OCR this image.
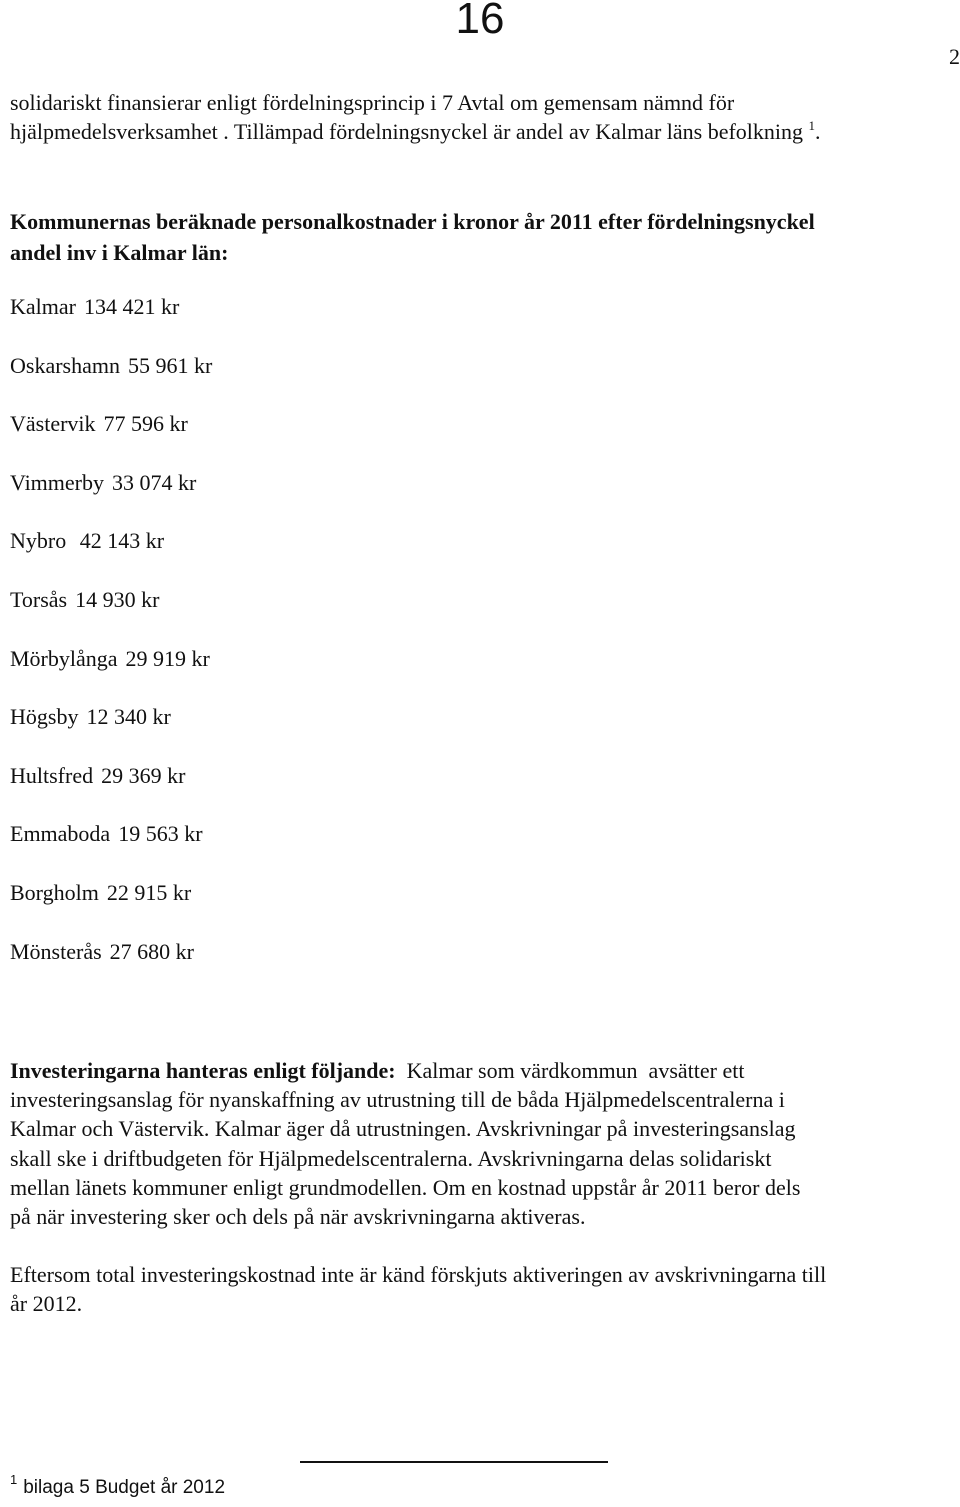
16
2
solidariskt finansierar enligt fördelningsprincip i 7 Avtal om gemensam nämnd för
hjälpmedelsverksamhet . Tillämpad fördelningsnyckel är andel av Kalmar läns befolkning $^1$.
Kommunernas beräknade personalkostnader i kronor år 2011 efter fördelningsnyckel
andel inv i Kalmar län:
Kalmar 134 421 kr
Oskarshamn 55 961 kr
Västervik 77 596 kr
Vimmerby 33 074 kr
Nybro 42 143 kr
Torsås 14 930 kr
Mörbylånga 29 919 kr
Högsby 12 340 kr
Hultsfred 29 369 kr
Emmaboda 19 563 kr
Borgholm 22 915 kr
Mönsterås 27 680 kr
Investeringarna hanteras enligt följande:  Kalmar som värdkommun  avsätter ett
investeringsanslag för nyanskaffning av utrustning till de båda Hjälpmedelscentralerna i
Kalmar och Västervik. Kalmar äger då utrustningen. Avskrivningar på investeringsanslag
skall ske i driftbudgeten för Hjälpmedelscentralerna. Avskrivningarna delas solidariskt
mellan länets kommuner enligt grundmodellen. Om en kostnad uppstår år 2011 beror dels
på när investering sker och dels på när avskrivningarna aktiveras.
Eftersom total investeringskostnad inte är känd förskjuts aktiveringen av avskrivningarna till
år 2012.
$^1$ bilaga 5 Budget år 2012
